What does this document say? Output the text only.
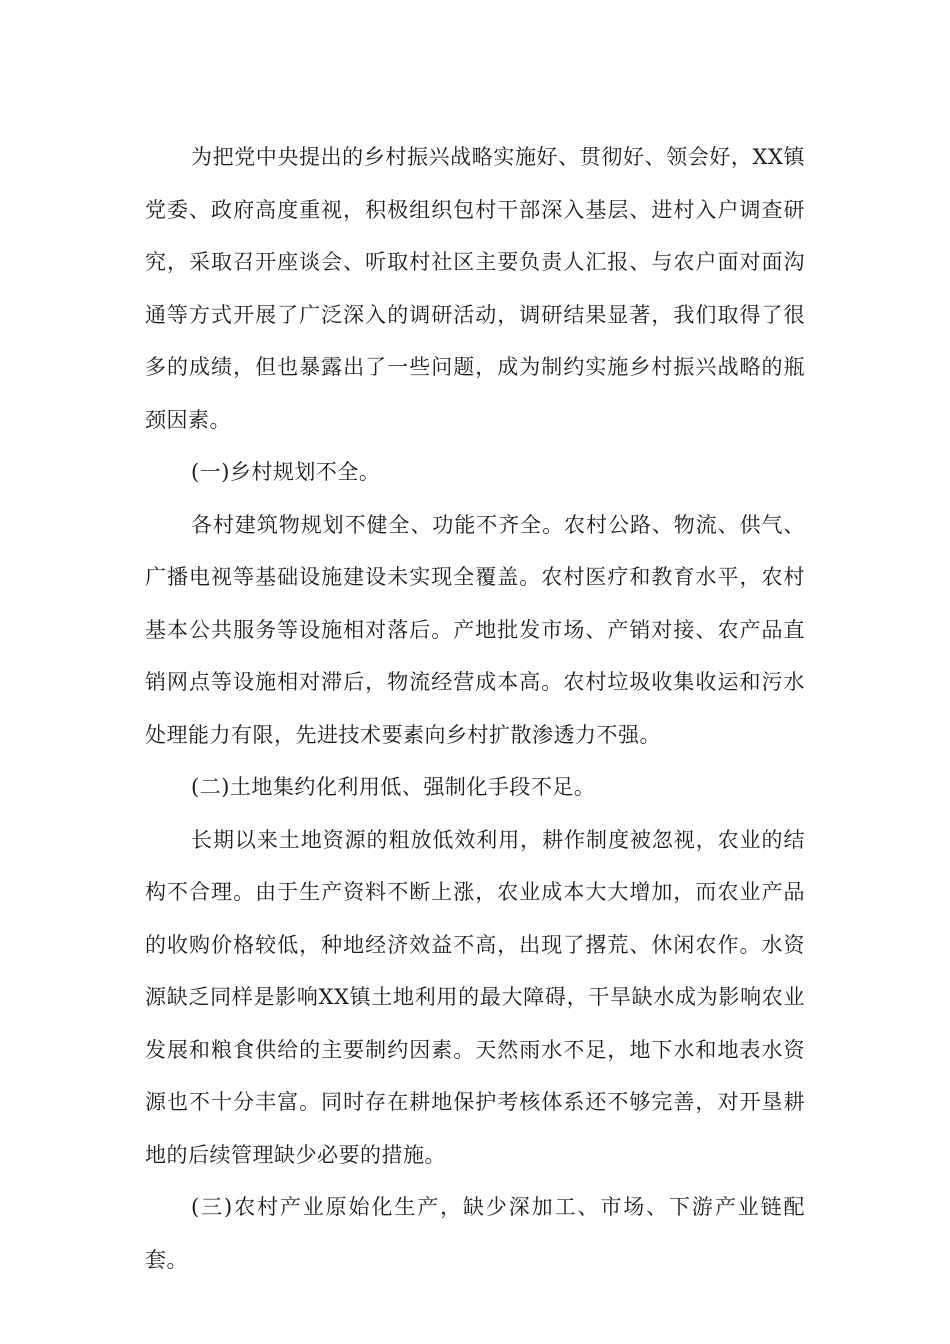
为把党中央提出的乡村振兴战略实施好、贯彻好、领会好，XX镇党委、政府高度重视，积极组织包村干部深入基层、进村入户调查研究，采取召开座谈会、听取村社区主要负责人汇报、与农户面对面沟通等方式开展了广泛深入的调研活动，调研结果显著，我们取得了很多的成绩，但也暴露出了一些问题，成为制约实施乡村振兴战略的瓶颈因素。

(一)乡村规划不全。

各村建筑物规划不健全、功能不齐全。农村公路、物流、供气、广播电视等基础设施建设未实现全覆盖。农村医疗和教育水平，农村基本公共服务等设施相对落后。产地批发市场、产销对接、农产品直销网点等设施相对滞后，物流经营成本高。农村垃圾收集收运和污水处理能力有限，先进技术要素向乡村扩散渗透力不强。

(二)土地集约化利用低、强制化手段不足。

长期以来土地资源的粗放低效利用，耕作制度被忽视，农业的结构不合理。由于生产资料不断上涨，农业成本大大增加，而农业产品的收购价格较低，种地经济效益不高，出现了撂荒、休闲农作。水资源缺乏同样是影响XX镇土地利用的最大障碍，干旱缺水成为影响农业发展和粮食供给的主要制约因素。天然雨水不足，地下水和地表水资源也不十分丰富。同时存在耕地保护考核体系还不够完善，对开垦耕地的后续管理缺少必要的措施。

(三)农村产业原始化生产，缺少深加工、市场、下游产业链配套。
